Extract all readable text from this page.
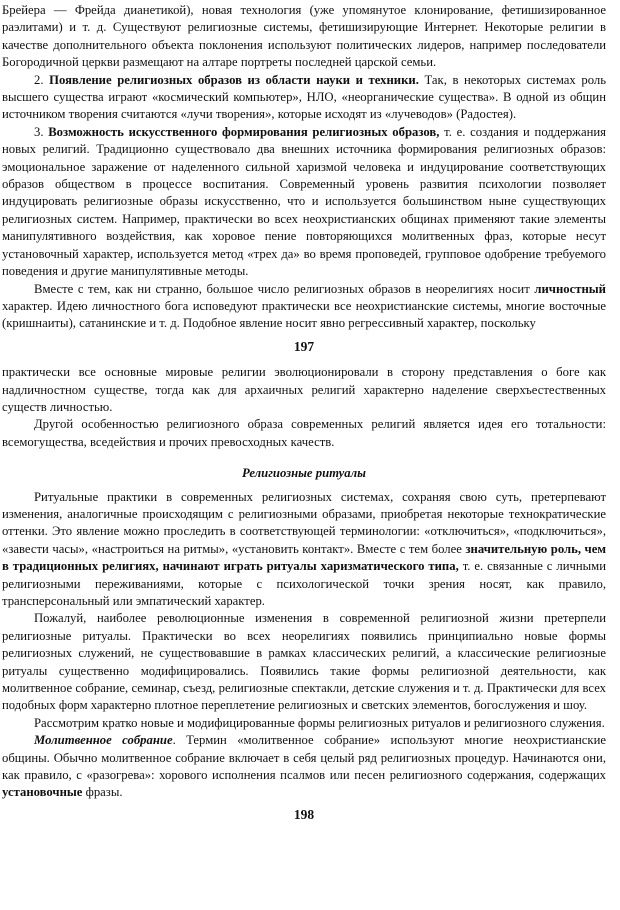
Брейера — Фрейда дианетикой), новая технология (уже упомянутое клонирование, фетишизированное раэлитами) и т. д. Существуют религиозные системы, фетишизирующие Интернет. Некоторые религии в качестве дополнительного объекта поклонения используют политических лидеров, например последователи Богородичной церкви размещают на алтаре портреты последней царской семьи.

2. Появление религиозных образов из области науки и техники. Так, в некоторых системах роль высшего существа играют «космический компьютер», НЛО, «неорганические существа». В одной из общин источником творения считаются «лучи творения», которые исходят из «лучеводов» (Радостея).

3. Возможность искусственного формирования религиозных образов, т. е. создания и поддержания новых религий. Традиционно существовало два внешних источника формирования религиозных образов: эмоциональное заражение от наделенного сильной харизмой человека и индуцирование соответствующих образов обществом в процессе воспитания. Современный уровень развития психологии позволяет индуцировать религиозные образы искусственно, что и используется большинством ныне существующих религиозных систем. Например, практически во всех неохристианских общинах применяют такие элементы манипулятивного воздействия, как хоровое пение повторяющихся молитвенных фраз, которые несут установочный характер, используется метод «трех да» во время проповедей, групповое одобрение требуемого поведения и другие манипулятивные методы.

Вместе с тем, как ни странно, большое число религиозных образов в неорелигиях носит личностный характер. Идею личностного бога исповедуют практически все неохристианские системы, многие восточные (кришнаиты), сатанинские и т. д. Подобное явление носит явно регрессивный характер, поскольку

197

практически все основные мировые религии эволюционировали в сторону представления о боге как надличностном существе, тогда как для архаичных религий характерно наделение сверхъестественных существ личностью.

Другой особенностью религиозного образа современных религий является идея его тотальности: всемогущества, вседействия и прочих превосходных качеств.

Религиозные ритуалы

Ритуальные практики в современных религиозных системах, сохраняя свою суть, претерпевают изменения, аналогичные происходящим с религиозными образами, приобретая некоторые технократические оттенки. Это явление можно проследить в соответствующей терминологии: «отключиться», «подключиться», «завести часы», «настроиться на ритмы», «установить контакт». Вместе с тем более значительную роль, чем в традиционных религиях, начинают играть ритуалы харизматического типа, т. е. связанные с личными религиозными переживаниями, которые с психологической точки зрения носят, как правило, трансперсональный или эмпатический характер.

Пожалуй, наиболее революционные изменения в современной религиозной жизни претерпели религиозные ритуалы. Практически во всех неорелигиях появились принципиально новые формы религиозных служений, не существовавшие в рамках классических религий, а классические религиозные ритуалы существенно модифицировались. Появились такие формы религиозной деятельности, как молитвенное собрание, семинар, съезд, религиозные спектакли, детские служения и т. д. Практически для всех подобных форм характерно плотное переплетение религиозных и светских элементов, богослужения и шоу.

Рассмотрим кратко новые и модифицированные формы религиозных ритуалов и религиозного служения.

Молитвенное собрание. Термин «молитвенное собрание» используют многие неохристианские общины. Обычно молитвенное собрание включает в себя целый ряд религиозных процедур. Начинаются они, как правило, с «разогрева»: хорового исполнения псалмов или песен религиозного содержания, содержащих установочные фразы.

198
